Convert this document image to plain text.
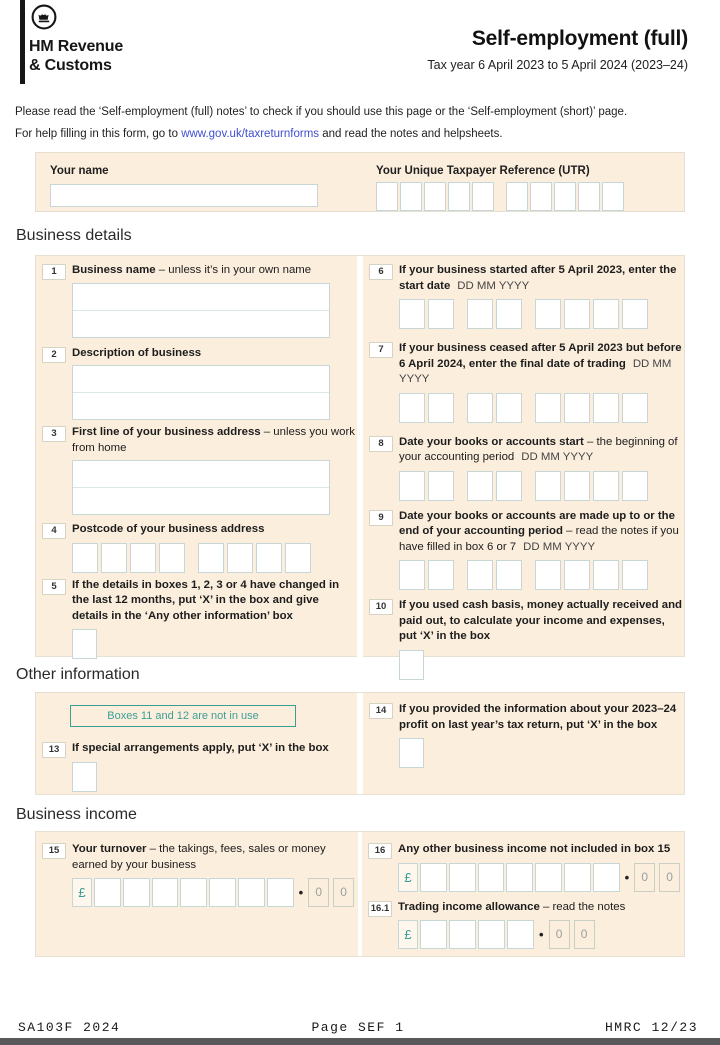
HM Revenue
& Customs
Self-employment (full)
Tax year 6 April 2023 to 5 April 2024 (2023–24)

Please read the ‘Self-employment (full) notes’ to check if you should use this page or the ‘Self-employment (short)’ page.

For help filling in this form, go to www.gov.uk/taxreturnforms and read the notes and helpsheets.

Your name	Your Unique Taxpayer Reference (UTR)
Business details
1	Business name – unless it’s in your own name
2	Description of business
3	First line of your business address – unless you work from home
4	Postcode of your business address
5	If the details in boxes 1, 2, 3 or 4 have changed in the last 12 months, put ‘X’ in the box and give details in the ‘Any other information’ box
6	If your business started after 5 April 2023, enter the start date DD MM YYYY
7	If your business ceased after 5 April 2023 but before 6 April 2024, enter the final date of trading DD MM YYYY
8	Date your books or accounts start – the beginning of your accounting period DD MM YYYY
9	Date your books or accounts are made up to or the end of your accounting period – read the notes if you have filled in box 6 or 7 DD MM YYYY
10	If you used cash basis, money actually received and paid out, to calculate your income and expenses, put ‘X’ in the box
Other information
Boxes 11 and 12 are not in use
13	If special arrangements apply, put ‘X’ in the box
14	If you provided the information about your 2023–24 profit on last year’s tax return, put ‘X’ in the box
Business income
15	Your turnover – the takings, fees, sales or money earned by your business
£	•	0	0
16	Any other business income not included in box 15
£	•	0	0
16.1 Trading income allowance – read the notes
£	•	0	0
SA103F 2024	Page SEF 1	HMRC 12/23
